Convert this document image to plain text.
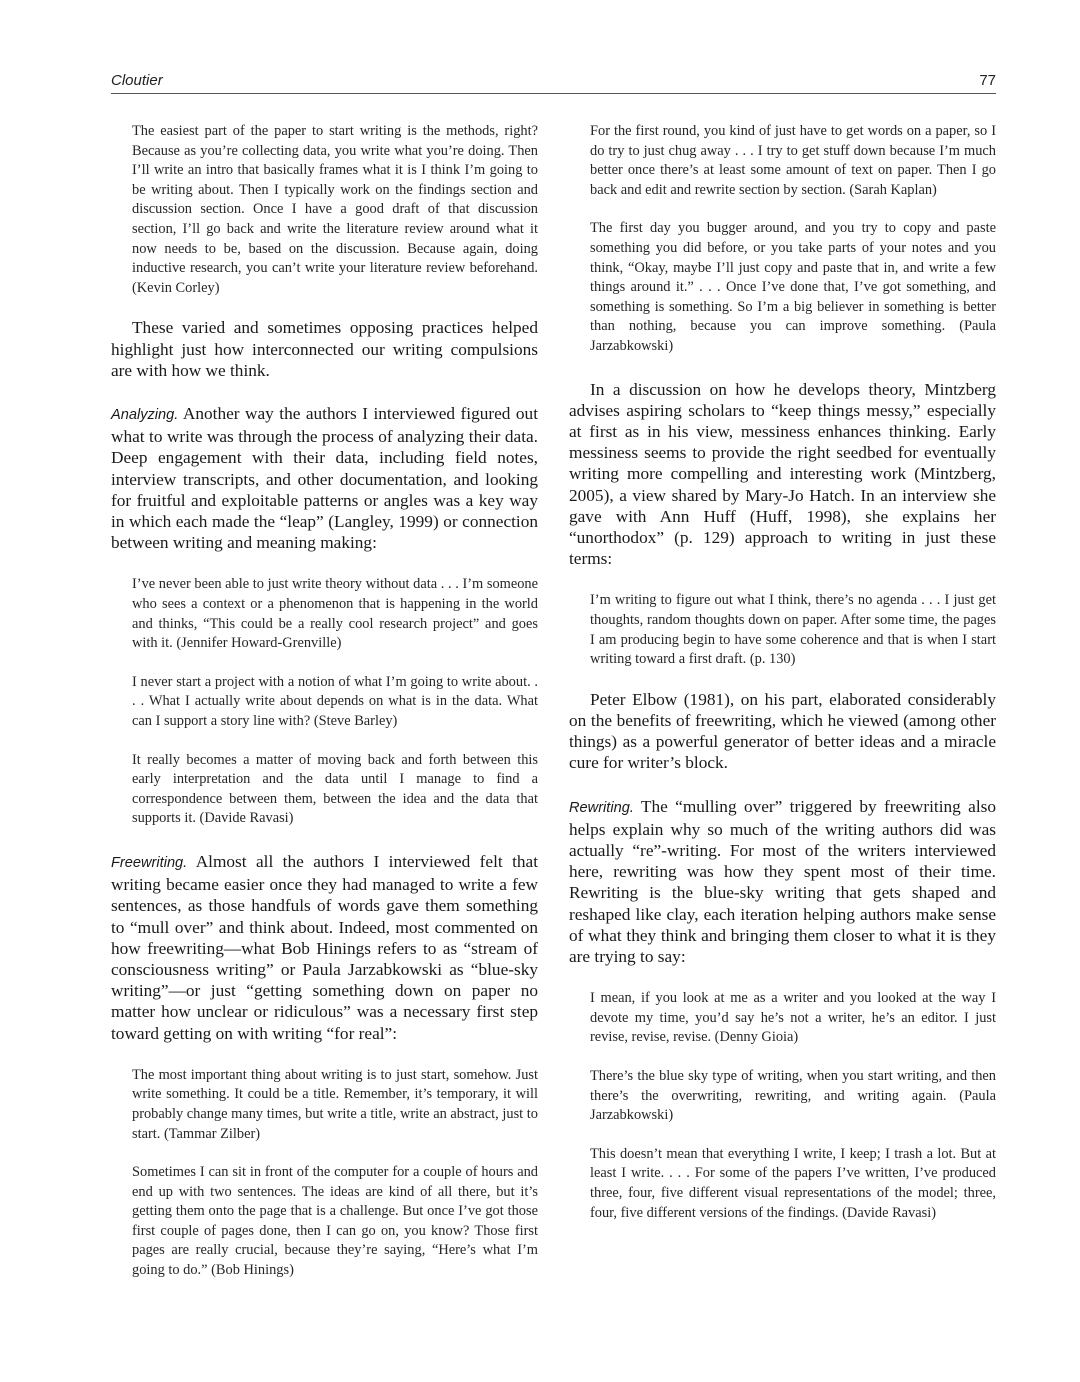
Cloutier	77

The easiest part of the paper to start writing is the methods, right? Because as you’re collecting data, you write what you’re doing. Then I’ll write an intro that basically frames what it is I think I’m going to be writing about. Then I typically work on the findings section and discussion section. Once I have a good draft of that discussion section, I’ll go back and write the literature review around what it now needs to be, based on the discussion. Because again, doing inductive research, you can’t write your literature review beforehand. (Kevin Corley)

These varied and sometimes opposing practices helped highlight just how interconnected our writing compulsions are with how we think.

Analyzing. Another way the authors I interviewed figured out what to write was through the process of analyzing their data. Deep engagement with their data, including field notes, interview transcripts, and other documentation, and looking for fruitful and exploitable patterns or angles was a key way in which each made the “leap” (Langley, 1999) or connection between writing and meaning making:

I’ve never been able to just write theory without data . . . I’m someone who sees a context or a phenomenon that is happening in the world and thinks, “This could be a really cool research project” and goes with it. (Jennifer Howard-Grenville)

I never start a project with a notion of what I’m going to write about. . . . What I actually write about depends on what is in the data. What can I support a story line with? (Steve Barley)

It really becomes a matter of moving back and forth between this early interpretation and the data until I manage to find a correspondence between them, between the idea and the data that supports it. (Davide Ravasi)

Freewriting. Almost all the authors I interviewed felt that writing became easier once they had managed to write a few sentences, as those handfuls of words gave them something to “mull over” and think about. Indeed, most commented on how freewriting—what Bob Hinings refers to as “stream of consciousness writing” or Paula Jarzabkowski as “blue-sky writing”—or just “getting something down on paper no matter how unclear or ridiculous” was a necessary first step toward getting on with writing “for real”:

The most important thing about writing is to just start, somehow. Just write something. It could be a title. Remember, it’s temporary, it will probably change many times, but write a title, write an abstract, just to start. (Tammar Zilber)

Sometimes I can sit in front of the computer for a couple of hours and end up with two sentences. The ideas are kind of all there, but it’s getting them onto the page that is a challenge. But once I’ve got those first couple of pages done, then I can go on, you know? Those first pages are really crucial, because they’re saying, “Here’s what I’m going to do.” (Bob Hinings)

For the first round, you kind of just have to get words on a paper, so I do try to just chug away . . . I try to get stuff down because I’m much better once there’s at least some amount of text on paper. Then I go back and edit and rewrite section by section. (Sarah Kaplan)

The first day you bugger around, and you try to copy and paste something you did before, or you take parts of your notes and you think, “Okay, maybe I’ll just copy and paste that in, and write a few things around it.” . . . Once I’ve done that, I’ve got something, and something is something. So I’m a big believer in something is better than nothing, because you can improve something. (Paula Jarzabkowski)

In a discussion on how he develops theory, Mintzberg advises aspiring scholars to “keep things messy,” especially at first as in his view, messiness enhances thinking. Early messiness seems to provide the right seedbed for eventually writing more compelling and interesting work (Mintzberg, 2005), a view shared by Mary-Jo Hatch. In an interview she gave with Ann Huff (Huff, 1998), she explains her “unorthodox” (p. 129) approach to writing in just these terms:

I’m writing to figure out what I think, there’s no agenda . . . I just get thoughts, random thoughts down on paper. After some time, the pages I am producing begin to have some coherence and that is when I start writing toward a first draft. (p. 130)

Peter Elbow (1981), on his part, elaborated considerably on the benefits of freewriting, which he viewed (among other things) as a powerful generator of better ideas and a miracle cure for writer’s block.

Rewriting. The “mulling over” triggered by freewriting also helps explain why so much of the writing authors did was actually “re”-writing. For most of the writers interviewed here, rewriting was how they spent most of their time. Rewriting is the blue-sky writing that gets shaped and reshaped like clay, each iteration helping authors make sense of what they think and bringing them closer to what it is they are trying to say:

I mean, if you look at me as a writer and you looked at the way I devote my time, you’d say he’s not a writer, he’s an editor. I just revise, revise, revise. (Denny Gioia)

There’s the blue sky type of writing, when you start writing, and then there’s the overwriting, rewriting, and writing again. (Paula Jarzabkowski)

This doesn’t mean that everything I write, I keep; I trash a lot. But at least I write. . . . For some of the papers I’ve written, I’ve produced three, four, five different visual representations of the model; three, four, five different versions of the findings. (Davide Ravasi)
